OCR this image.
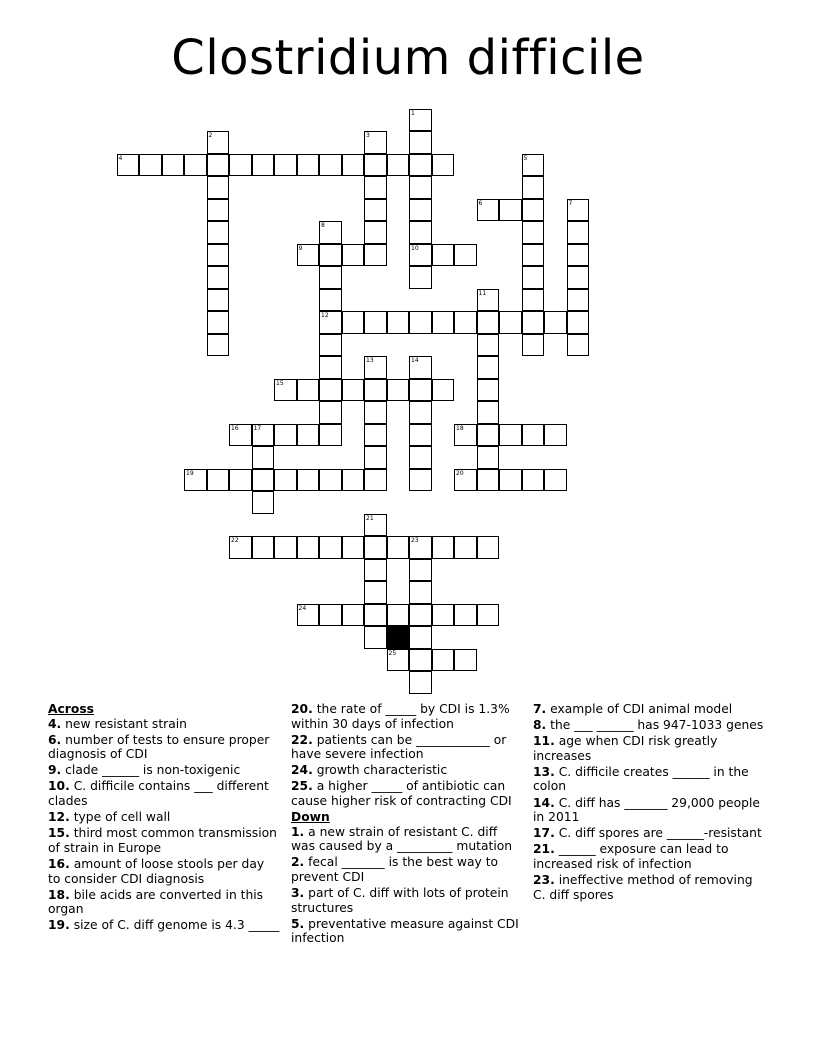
Clostridium difficile
1
10
2	3
4	5
6	7
8
12
9
11
13	14
15
16 17	18
19	20
21
22	23
24
25
Across
4. new resistant strain
6. number of tests to ensure proper diagnosis of CDI
9. clade ______ is non-toxigenic
10. C. difficile contains ___ different clades
12. type of cell wall
15. third most common transmission of strain in Europe
16. amount of loose stools per day to consider CDI diagnosis
18. bile acids are converted in this organ
19. size of C. diff genome is 4.3 _____
20. the rate of _____ by CDI is 1.3% within 30 days of infection
22. patients can be ____________ or have severe infection
24. growth characteristic
25. a higher _____ of antibiotic can cause higher risk of contracting CDI
Down
1. a new strain of resistant C. diff was caused by a _________ mutation
2. fecal _______ is the best way to prevent CDI
3. part of C. diff with lots of protein structures
5. preventative measure against CDI infection
7. example of CDI animal model
8. the ___ ______ has 947-1033 genes
11. age when CDI risk greatly increases
13. C. difficile creates ______ in the colon
14. C. diff has _______ 29,000 people in 2011
17. C. diff spores are ______-resistant
21. ______ exposure can lead to increased risk of infection
23. ineffective method of removing C. diff spores
